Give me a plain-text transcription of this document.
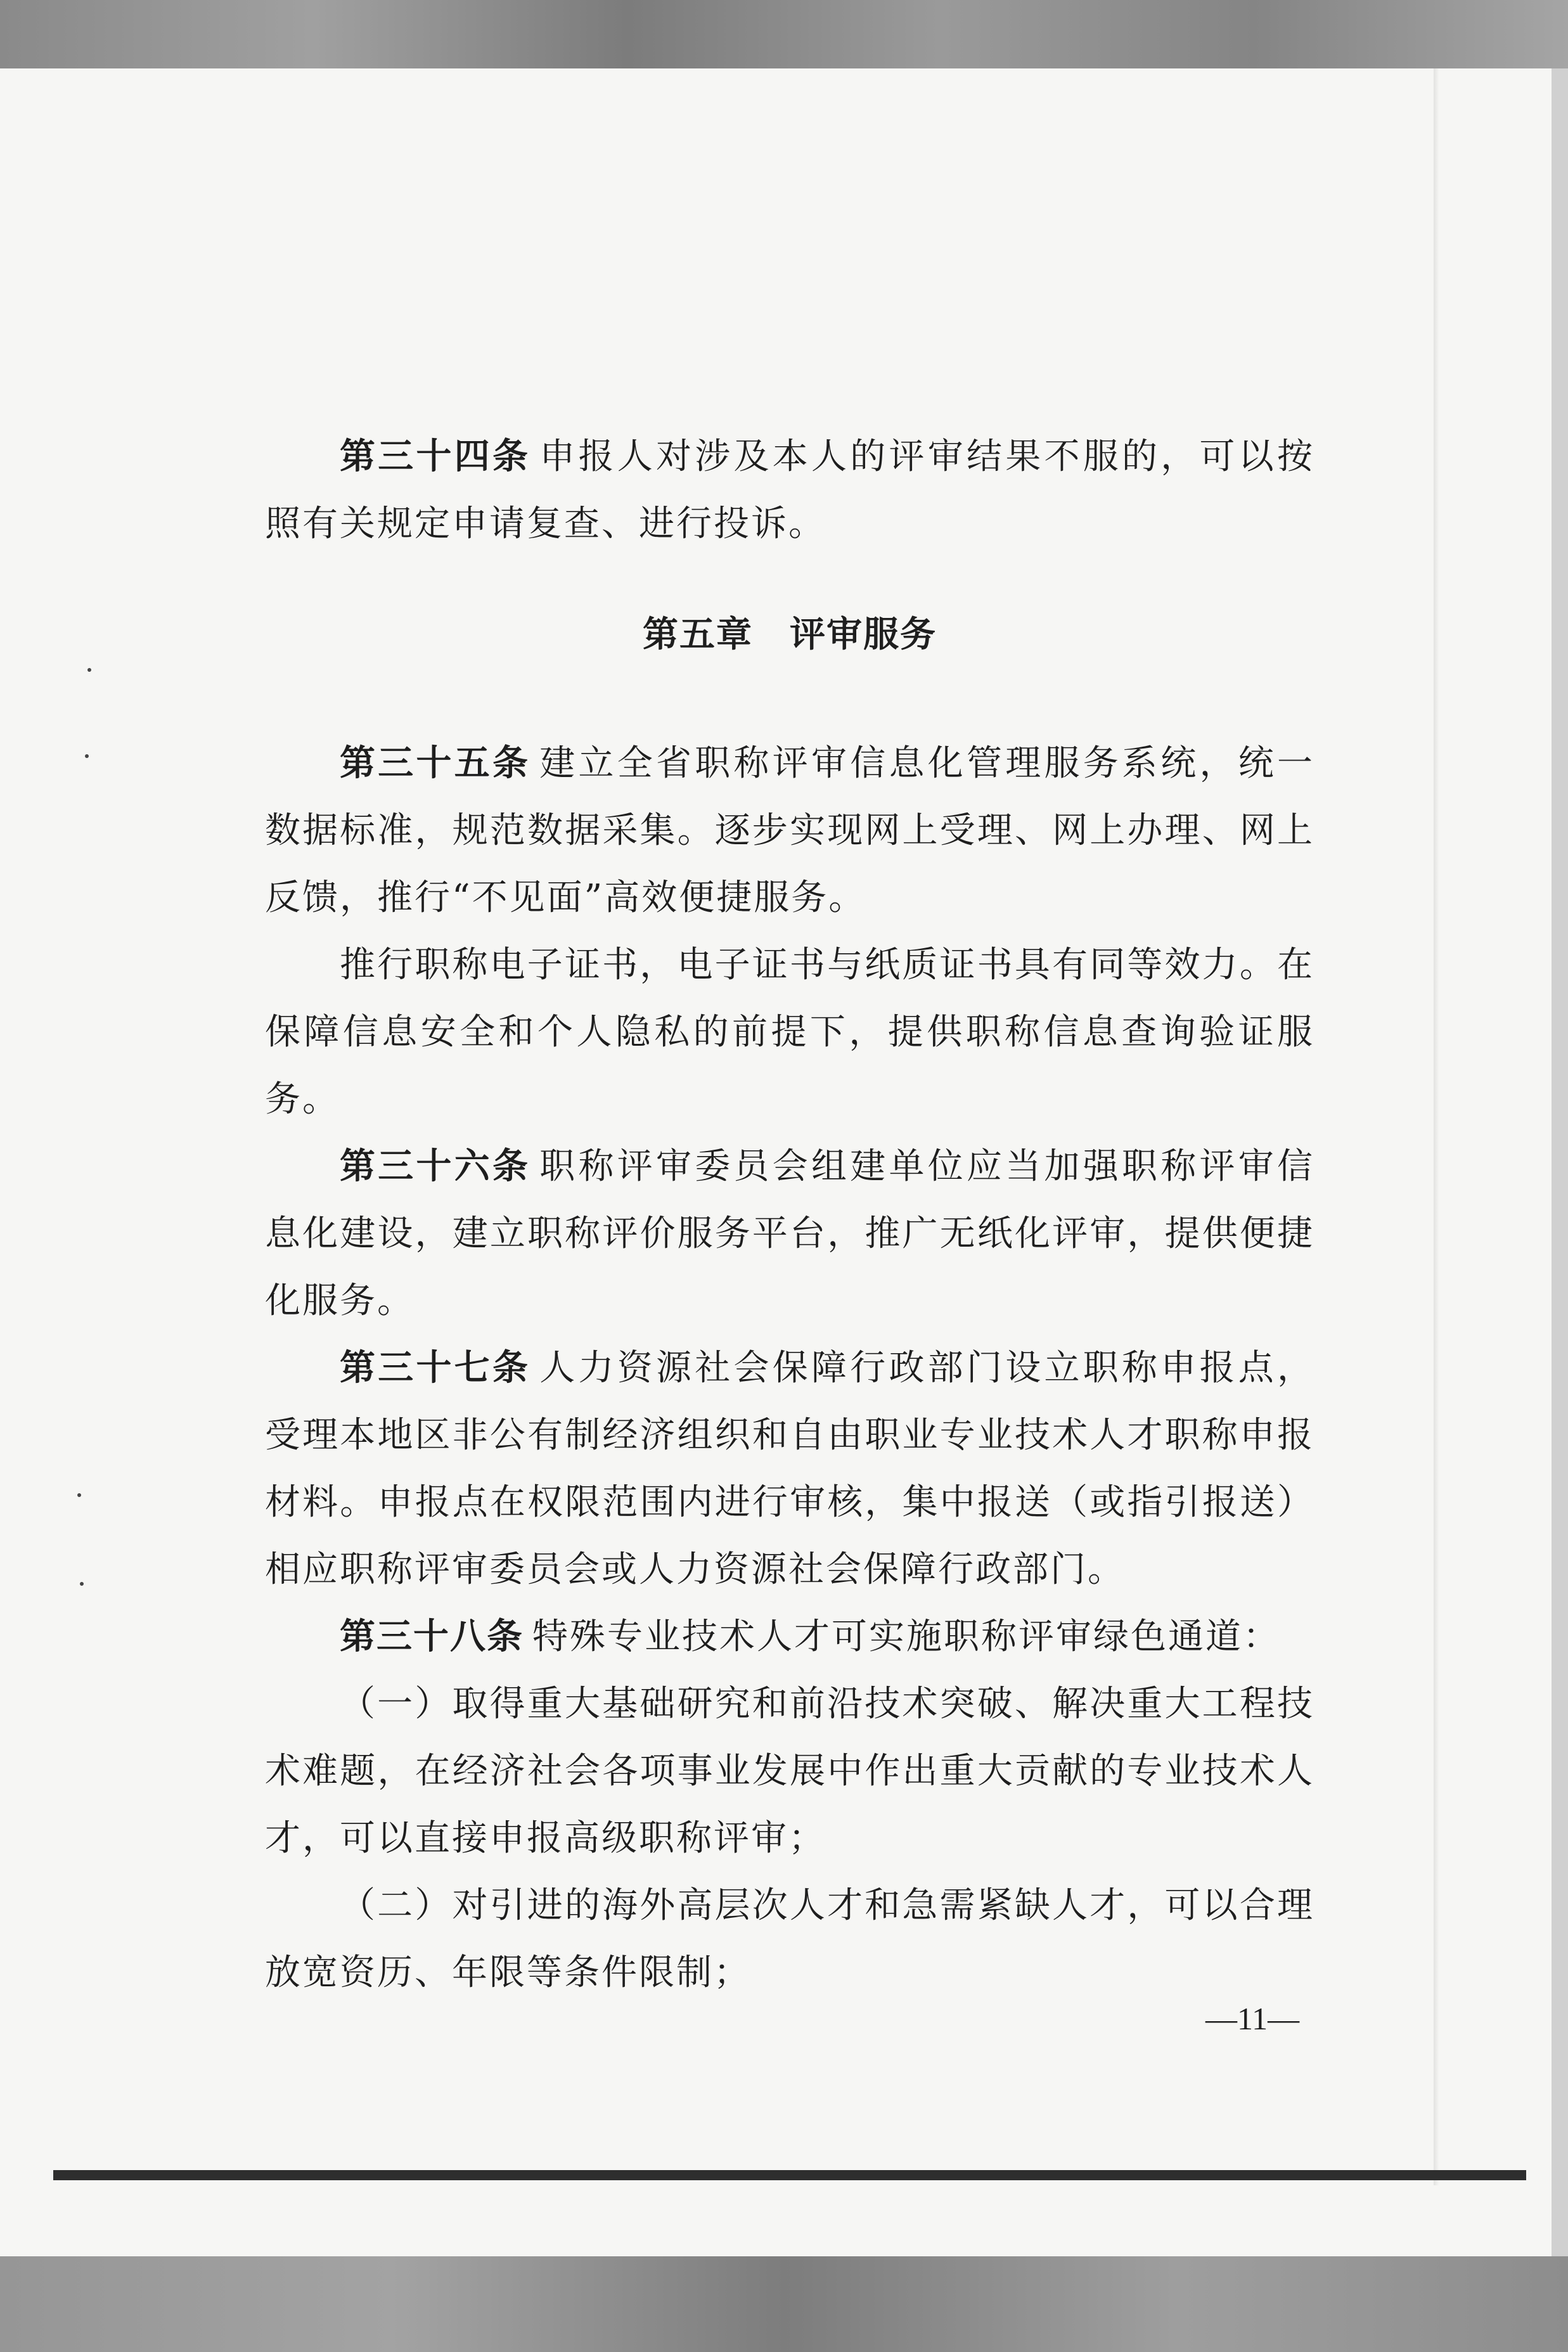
第三十四条 申报人对涉及本人的评审结果不服的，可以按照有关规定申请复查、进行投诉。

第五章 评审服务

第三十五条 建立全省职称评审信息化管理服务系统，统一数据标准，规范数据采集。逐步实现网上受理、网上办理、网上反馈，推行“不见面”高效便捷服务。

推行职称电子证书，电子证书与纸质证书具有同等效力。在保障信息安全和个人隐私的前提下，提供职称信息查询验证服务。

第三十六条 职称评审委员会组建单位应当加强职称评审信息化建设，建立职称评价服务平台，推广无纸化评审，提供便捷化服务。

第三十七条 人力资源社会保障行政部门设立职称申报点，受理本地区非公有制经济组织和自由职业专业技术人才职称申报材料。申报点在权限范围内进行审核，集中报送（或指引报送）相应职称评审委员会或人力资源社会保障行政部门。

第三十八条 特殊专业技术人才可实施职称评审绿色通道：

（一）取得重大基础研究和前沿技术突破、解决重大工程技术难题，在经济社会各项事业发展中作出重大贡献的专业技术人才，可以直接申报高级职称评审；

（二）对引进的海外高层次人才和急需紧缺人才，可以合理放宽资历、年限等条件限制；

—11—
